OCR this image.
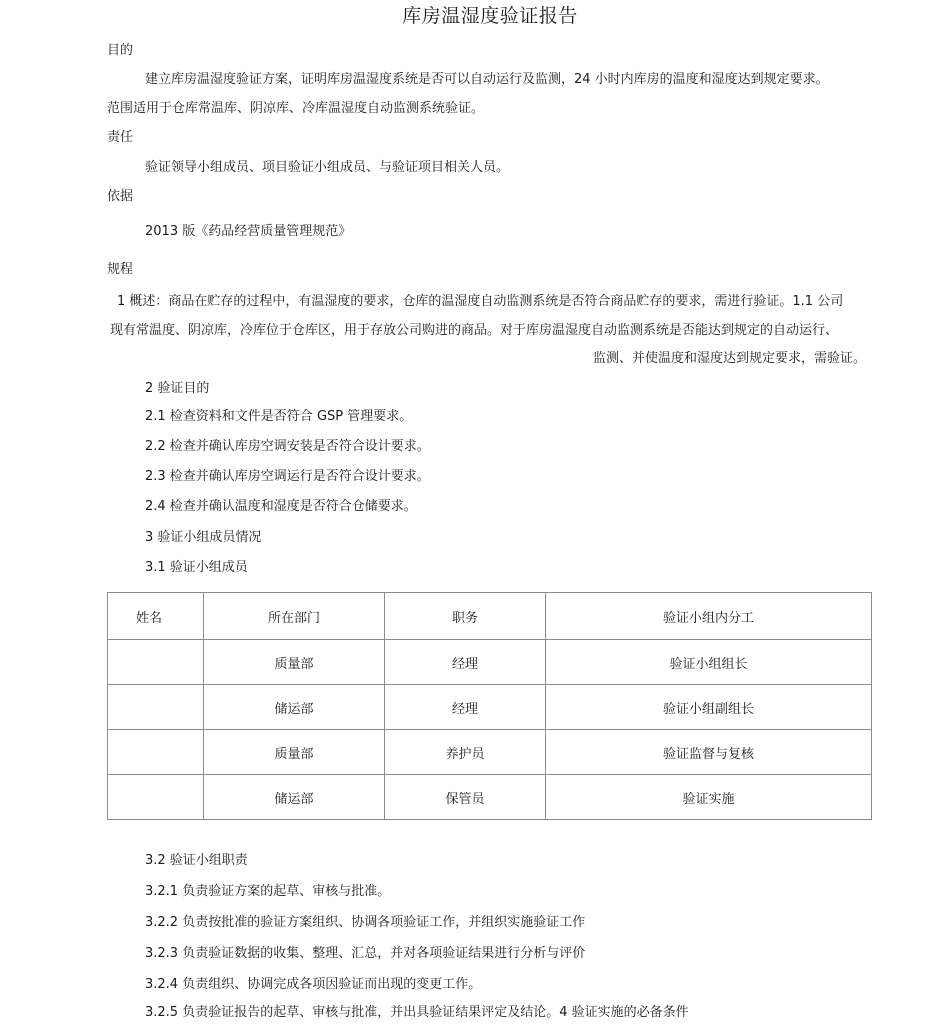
库房温湿度验证报告
目的
建立库房温湿度验证方案，证明库房温湿度系统是否可以自动运行及监测，24 小时内库房的温度和湿度达到规定要求。
范围适用于仓库常温库、阴凉库、冷库温湿度自动监测系统验证。
责任
验证领导小组成员、项目验证小组成员、与验证项目相关人员。
依据
2013 版《药品经营质量管理规范》
规程
1 概述：商品在贮存的过程中，有温湿度的要求，仓库的温湿度自动监测系统是否符合商品贮存的要求，需进行验证。1.1 公司
现有常温度、阴凉库，冷库位于仓库区，用于存放公司购进的商品。对于库房温湿度自动监测系统是否能达到规定的自动运行、
监测、并使温度和湿度达到规定要求，需验证。
2 验证目的
2.1 检查资料和文件是否符合 GSP 管理要求。
2.2 检查并确认库房空调安装是否符合设计要求。
2.3 检查并确认库房空调运行是否符合设计要求。
2.4 检查并确认温度和湿度是否符合仓储要求。
3 验证小组成员情况
3.1 验证小组成员
姓名	所在部门	职务	验证小组内分工
	质量部	经理	验证小组组长
	储运部	经理	验证小组副组长
	质量部	养护员	验证监督与复核
	储运部	保管员	验证实施
3.2 验证小组职责
3.2.1 负责验证方案的起草、审核与批准。
3.2.2 负责按批准的验证方案组织、协调各项验证工作，并组织实施验证工作
3.2.3 负责验证数据的收集、整理、汇总，并对各项验证结果进行分析与评价
3.2.4 负责组织、协调完成各项因验证而出现的变更工作。
3.2.5 负责验证报告的起草、审核与批准，并出具验证结果评定及结论。4 验证实施的必备条件
